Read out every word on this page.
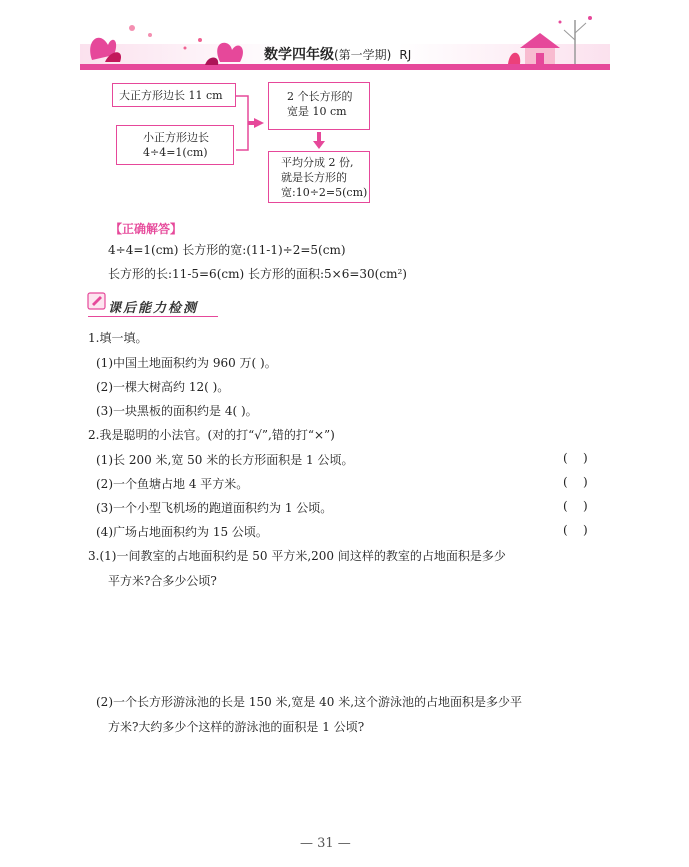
数学四年级(第一学期) RJ
大正方形边长 11 cm
小正方形边长
4÷4=1(cm)
2 个长方形的
宽是 10 cm
平均分成 2 份,
就是长方形的
宽:10÷2=5(cm)
【正确解答】
4÷4=1(cm) 长方形的宽:(11-1)÷2=5(cm)
长方形的长:11-5=6(cm) 长方形的面积:5×6=30(cm²)
课后能力检测
1.填一填。
(1)中国土地面积约为 960 万( )。
(2)一棵大树高约 12( )。
(3)一块黑板的面积约是 4( )。
2.我是聪明的小法官。(对的打“√”,错的打“×”)
(1)长 200 米,宽 50 米的长方形面积是 1 公顷。	(    )
(2)一个鱼塘占地 4 平方米。	(    )
(3)一个小型飞机场的跑道面积约为 1 公顷。	(    )
(4)广场占地面积约为 15 公顷。	(    )
3.(1)一间教室的占地面积约是 50 平方米,200 间这样的教室的占地面积是多少
平方米?合多少公顷?
(2)一个长方形游泳池的长是 150 米,宽是 40 米,这个游泳池的占地面积是多少平
方米?大约多少个这样的游泳池的面积是 1 公顷?
— 31 —
